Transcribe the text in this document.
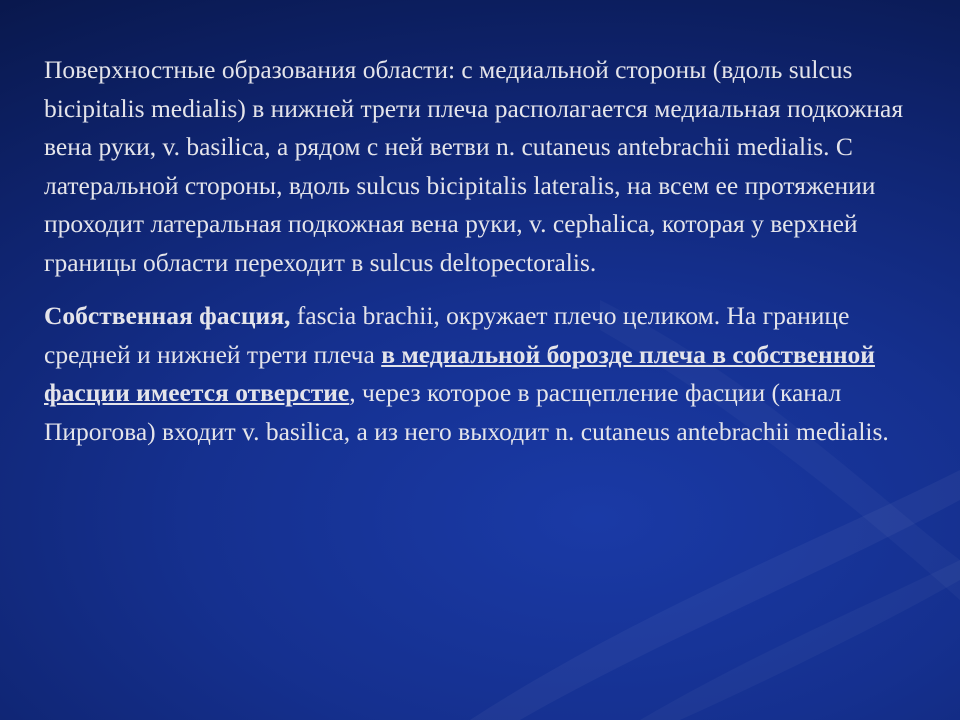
Поверхностные образования области: с медиальной стороны (вдоль sulcus bicipitalis medialis) в нижней трети плеча располагается медиальная подкожная вена руки, v. basilica, а рядом с ней ветви n. cutaneus antebrachii medialis. С латеральной стороны, вдоль sulcus bicipitalis lateralis, на всем ее протяжении проходит латеральная подкожная вена руки, v. cephalica, которая у верхней границы области переходит в sulcus deltopectoralis.

Собственная фасция, fascia brachii, окружает плечо целиком. На границе средней и нижней трети плеча в медиальной борозде плеча в собственной фасции имеется отверстие, через которое в расщепление фасции (канал Пирогова) входит v. basilica, а из него выходит n. cutaneus antebrachii medialis.
